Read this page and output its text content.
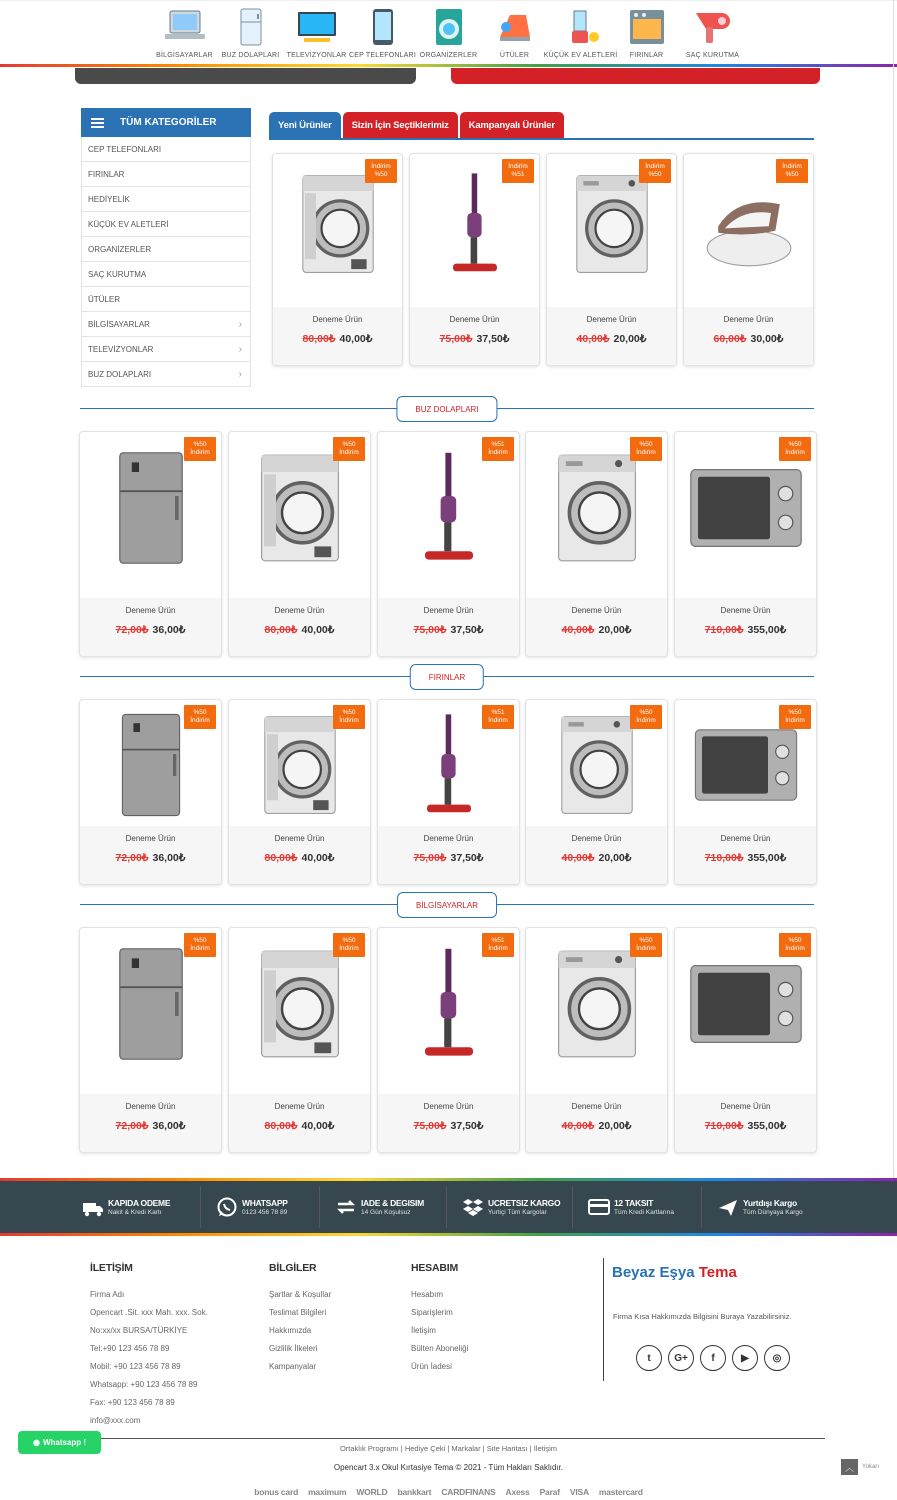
BİLGİSAYARLAR BUZ DOLAPLARI TELEVİZYONLAR CEP TELEFONLARI ORGANİZERLER	ÜTÜLER KÜÇÜK EV ALETLERİ FIRINLAR	SAÇ KURUTMA
TÜM KATEGORİLER
CEP TELEFONLARI
FIRINLAR
HEDİYELİK
KÜÇÜK EV ALETLERİ
ORGANİZERLER
SAÇ KURUTMA
ÜTÜLER
BİLGİSAYARLAR	›
TELEVİZYONLAR	›
BUZ DOLAPLARI	›
Yeni Ürünler	Sizin İçin Seçtiklerimiz	Kampanyalı Ürünler
İndirim
%50
Deneme Ürün
80,00₺ 40,00₺
İndirim
%51
Deneme Ürün
75,00₺ 37,50₺
İndirim
%50
Deneme Ürün
40,00₺ 20,00₺
İndirim
%50
Deneme Ürün
60,00₺ 30,00₺
BUZ DOLAPLARI
%50
İndirim
Deneme Ürün
72,00₺ 36,00₺
%50
İndirim
Deneme Ürün
80,00₺ 40,00₺
%51
İndirim
Deneme Ürün
75,00₺ 37,50₺
%50
İndirim
Deneme Ürün
40,00₺ 20,00₺
%50
İndirim
Deneme Ürün
710,00₺ 355,00₺
FIRINLAR
%50
İndirim
Deneme Ürün
72,00₺ 36,00₺
%50
İndirim
Deneme Ürün
80,00₺ 40,00₺
%51
İndirim
Deneme Ürün
75,00₺ 37,50₺
%50
İndirim
Deneme Ürün
40,00₺ 20,00₺
%50
İndirim
Deneme Ürün
710,00₺ 355,00₺
BİLGİSAYARLAR
%50
İndirim
Deneme Ürün
72,00₺ 36,00₺
%50
İndirim
Deneme Ürün
80,00₺ 40,00₺
%51
İndirim
Deneme Ürün
75,00₺ 37,50₺
%50
İndirim
Deneme Ürün
40,00₺ 20,00₺
%50
İndirim
Deneme Ürün
710,00₺ 355,00₺
KAPIDA ODEME
Nakit & Kredi Kartı
WHATSAPP
0123 456 78 89
IADE & DEGISIM
14 Gün Koşulsuz
UCRETSIZ KARGO
Yurtiçi Tüm Kargolar
12 TAKSIT
Tüm Kredi Kartlarına
Yurtdışı Kargo
Tüm Dünyaya Kargo
İLETİŞİM
Firma Adı
Opencart .Sit. xxx Mah. xxx. Sok.
No:xx/xx BURSA/TÜRKİYE
Tel:+90 123 456 78 89
Mobil: +90 123 456 78 89
Whatsapp: +90 123 456 78 89
Fax: +90 123 456 78 89
info@xxx.com
BİLGİLER
Şartlar & Koşullar
Teslimat Bilgileri
Hakkımızda
Gizlilik İlkeleri
Kampanyalar
HESABIM
Hesabım
Siparişlerim
İletişim
Bülten Aboneliği
Ürün İadesi
Beyaz Eşya Tema
Firma Kısa Hakkımızda Bilgisini Buraya Yazabilirsiniz.
t G+ f	▶ ◎
Ortaklık Programı | Hediye Çeki | Markalar | Site Haritası | İletişim
Opencart 3.x Okul Kırtasiye Tema © 2021 - Tüm Hakları Saklıdır.
bonus card maximum WORLD bankkart CARDFINANS Axess Paraf VISA mastercard
◉ Whatsapp !
︿	Yukarı
